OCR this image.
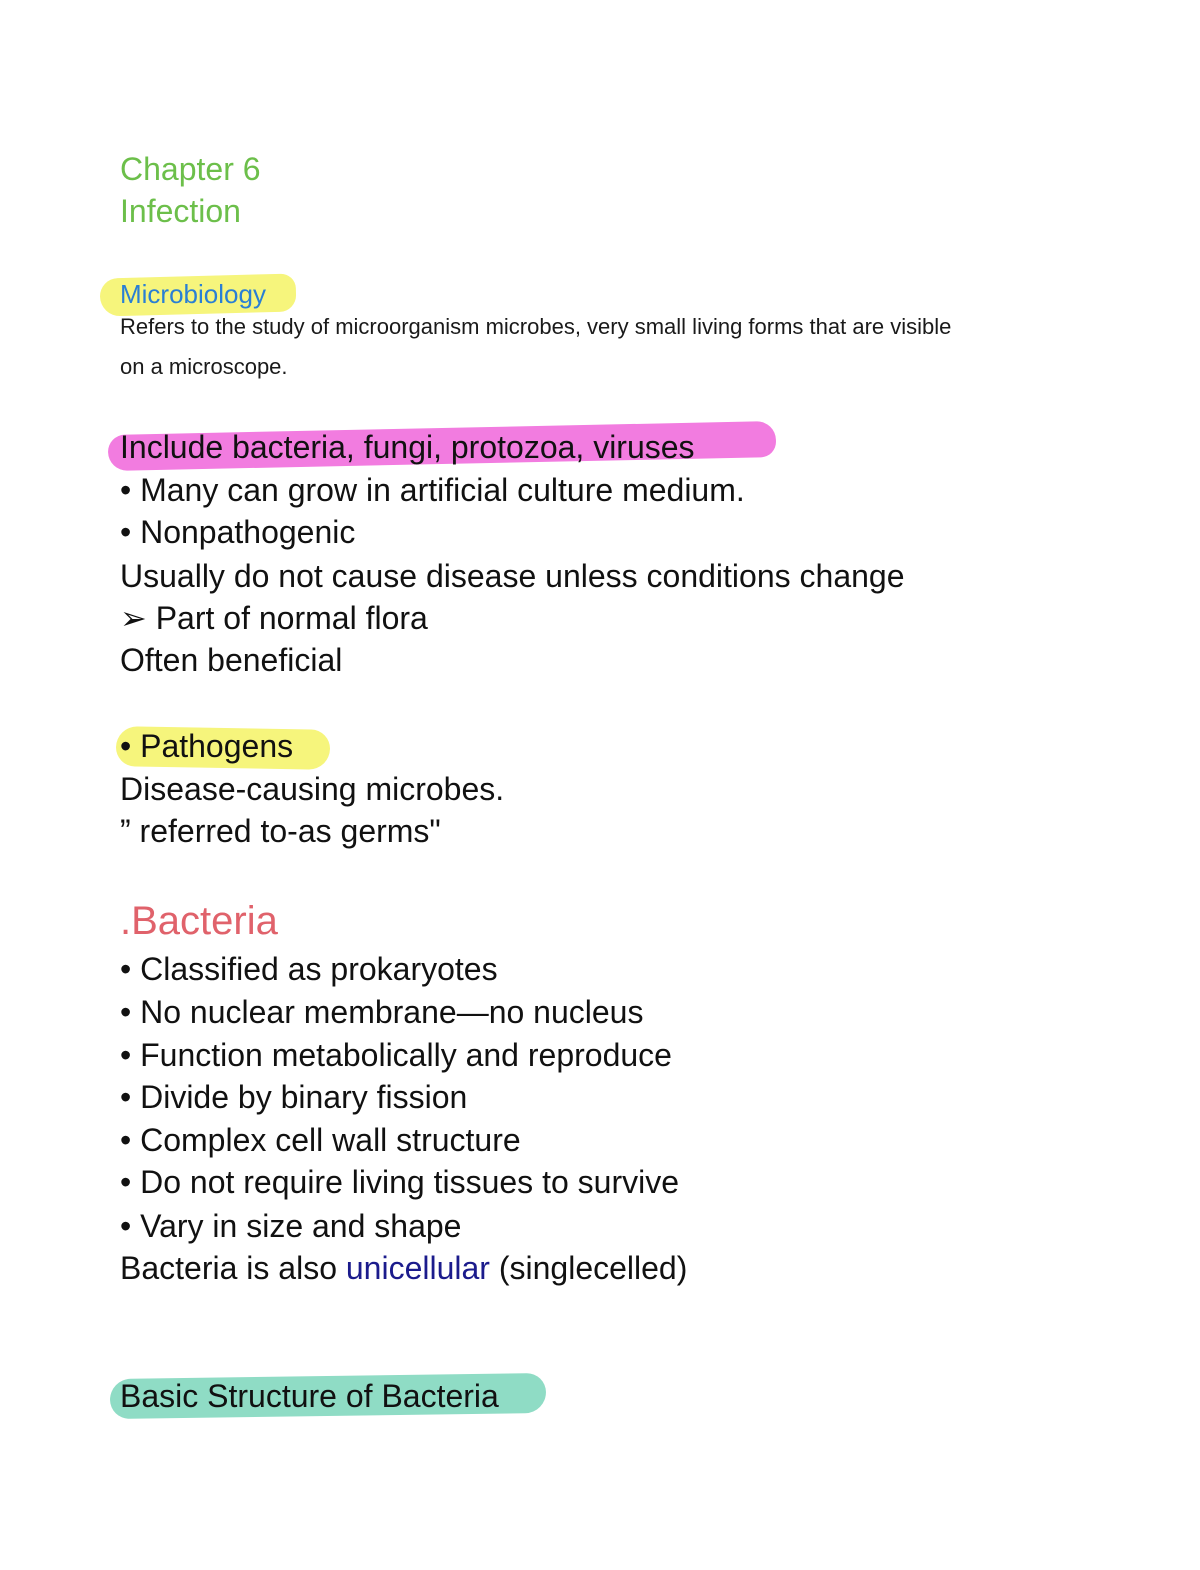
Chapter 6
Infection
Microbiology
Refers to the study of microorganism microbes, very small living forms that are visible
on a microscope.
Include bacteria, fungi, protozoa, viruses
• Many can grow in artificial culture medium.
• Nonpathogenic
Usually do not cause disease unless conditions change
➢ Part of normal flora
Often beneficial
• Pathogens
Disease-causing microbes.
” referred to-as germs"
.Bacteria
• Classified as prokaryotes
• No nuclear membrane—no nucleus
• Function metabolically and reproduce
• Divide by binary fission
• Complex cell wall structure
• Do not require living tissues to survive
• Vary in size and shape
Bacteria is also unicellular (singlecelled)
Basic Structure of Bacteria
